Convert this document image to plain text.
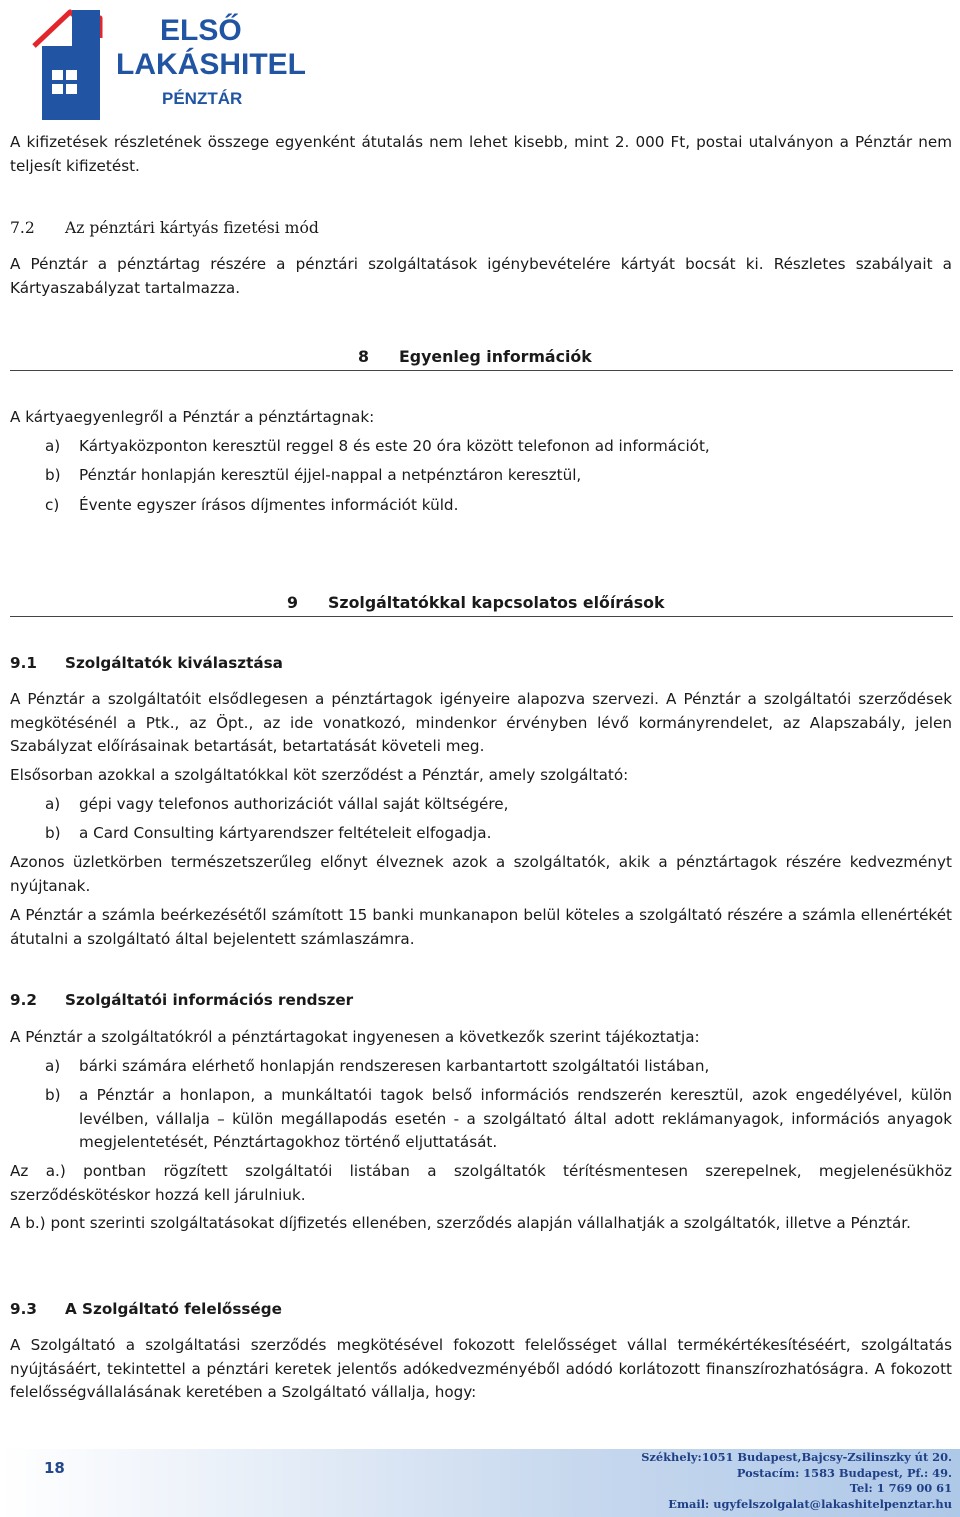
ELSŐ
LAKÁSHITEL
PÉNZTÁR

A kifizetések részletének összege egyenként átutalás nem lehet kisebb, mint 2. 000 Ft, postai utalványon a Pénztár nem teljesít kifizetést.

7.2 Az pénztári kártyás fizetési mód

A Pénztár a pénztártag részére a pénztári szolgáltatások igénybevételére kártyát bocsát ki. Részletes szabályait a Kártyaszabályzat tartalmazza.

8 Egyenleg információk

A kártyaegyenlegről a Pénztár a pénztártagnak:

a) Kártyaközponton keresztül reggel 8 és este 20 óra között telefonon ad információt,
b) Pénztár honlapján keresztül éjjel-nappal a netpénztáron keresztül,
c) Évente egyszer írásos díjmentes információt küld.
9 Szolgáltatókkal kapcsolatos előírások
9.1 Szolgáltatók kiválasztása

A Pénztár a szolgáltatóit elsődlegesen a pénztártagok igényeire alapozva szervezi. A Pénztár a szolgáltatói szerződések megkötésénél a Ptk., az Öpt., az ide vonatkozó, mindenkor érvényben lévő kormányrendelet, az Alapszabály, jelen Szabályzat előírásainak betartását, betartatását követeli meg.

Elsősorban azokkal a szolgáltatókkal köt szerződést a Pénztár, amely szolgáltató:

a) gépi vagy telefonos authorizációt vállal saját költségére,
b) a Card Consulting kártyarendszer feltételeit elfogadja.

Azonos üzletkörben természetszerűleg előnyt élveznek azok a szolgáltatók, akik a pénztártagok részére kedvezményt nyújtanak.

A Pénztár a számla beérkezésétől számított 15 banki munkanapon belül köteles a szolgáltató részére a számla ellenértékét átutalni a szolgáltató által bejelentett számlaszámra.

9.2 Szolgáltatói információs rendszer

A Pénztár a szolgáltatókról a pénztártagokat ingyenesen a következők szerint tájékoztatja:

a) bárki számára elérhető honlapján rendszeresen karbantartott szolgáltatói listában,
b) a Pénztár a honlapon, a munkáltatói tagok belső információs rendszerén keresztül, azok engedélyével, külön levélben, vállalja – külön megállapodás esetén - a szolgáltató által adott reklámanyagok, információs anyagok megjelentetését, Pénztártagokhoz történő eljuttatását.

Az a.) pontban rögzített szolgáltatói listában a szolgáltatók térítésmentesen szerepelnek, megjelenésükhöz szerződéskötéskor hozzá kell járulniuk.

A b.) pont szerinti szolgáltatásokat díjfizetés ellenében, szerződés alapján vállalhatják a szolgáltatók, illetve a Pénztár.

9.3 A Szolgáltató felelőssége

A Szolgáltató a szolgáltatási szerződés megkötésével fokozott felelősséget vállal termékértékesítéséért, szolgáltatás nyújtásáért, tekintettel a pénztári keretek jelentős adókedvezményéből adódó korlátozott finanszírozhatóságra. A fokozott felelősségvállalásának keretében a Szolgáltató vállalja, hogy:

18
Székhely:1051 Budapest,Bajcsy-Zsilinszky út 20.
Postacím: 1583 Budapest, Pf.: 49.
Tel: 1 769 00 61
Email: ugyfelszolgalat@lakashitelpenztar.hu
